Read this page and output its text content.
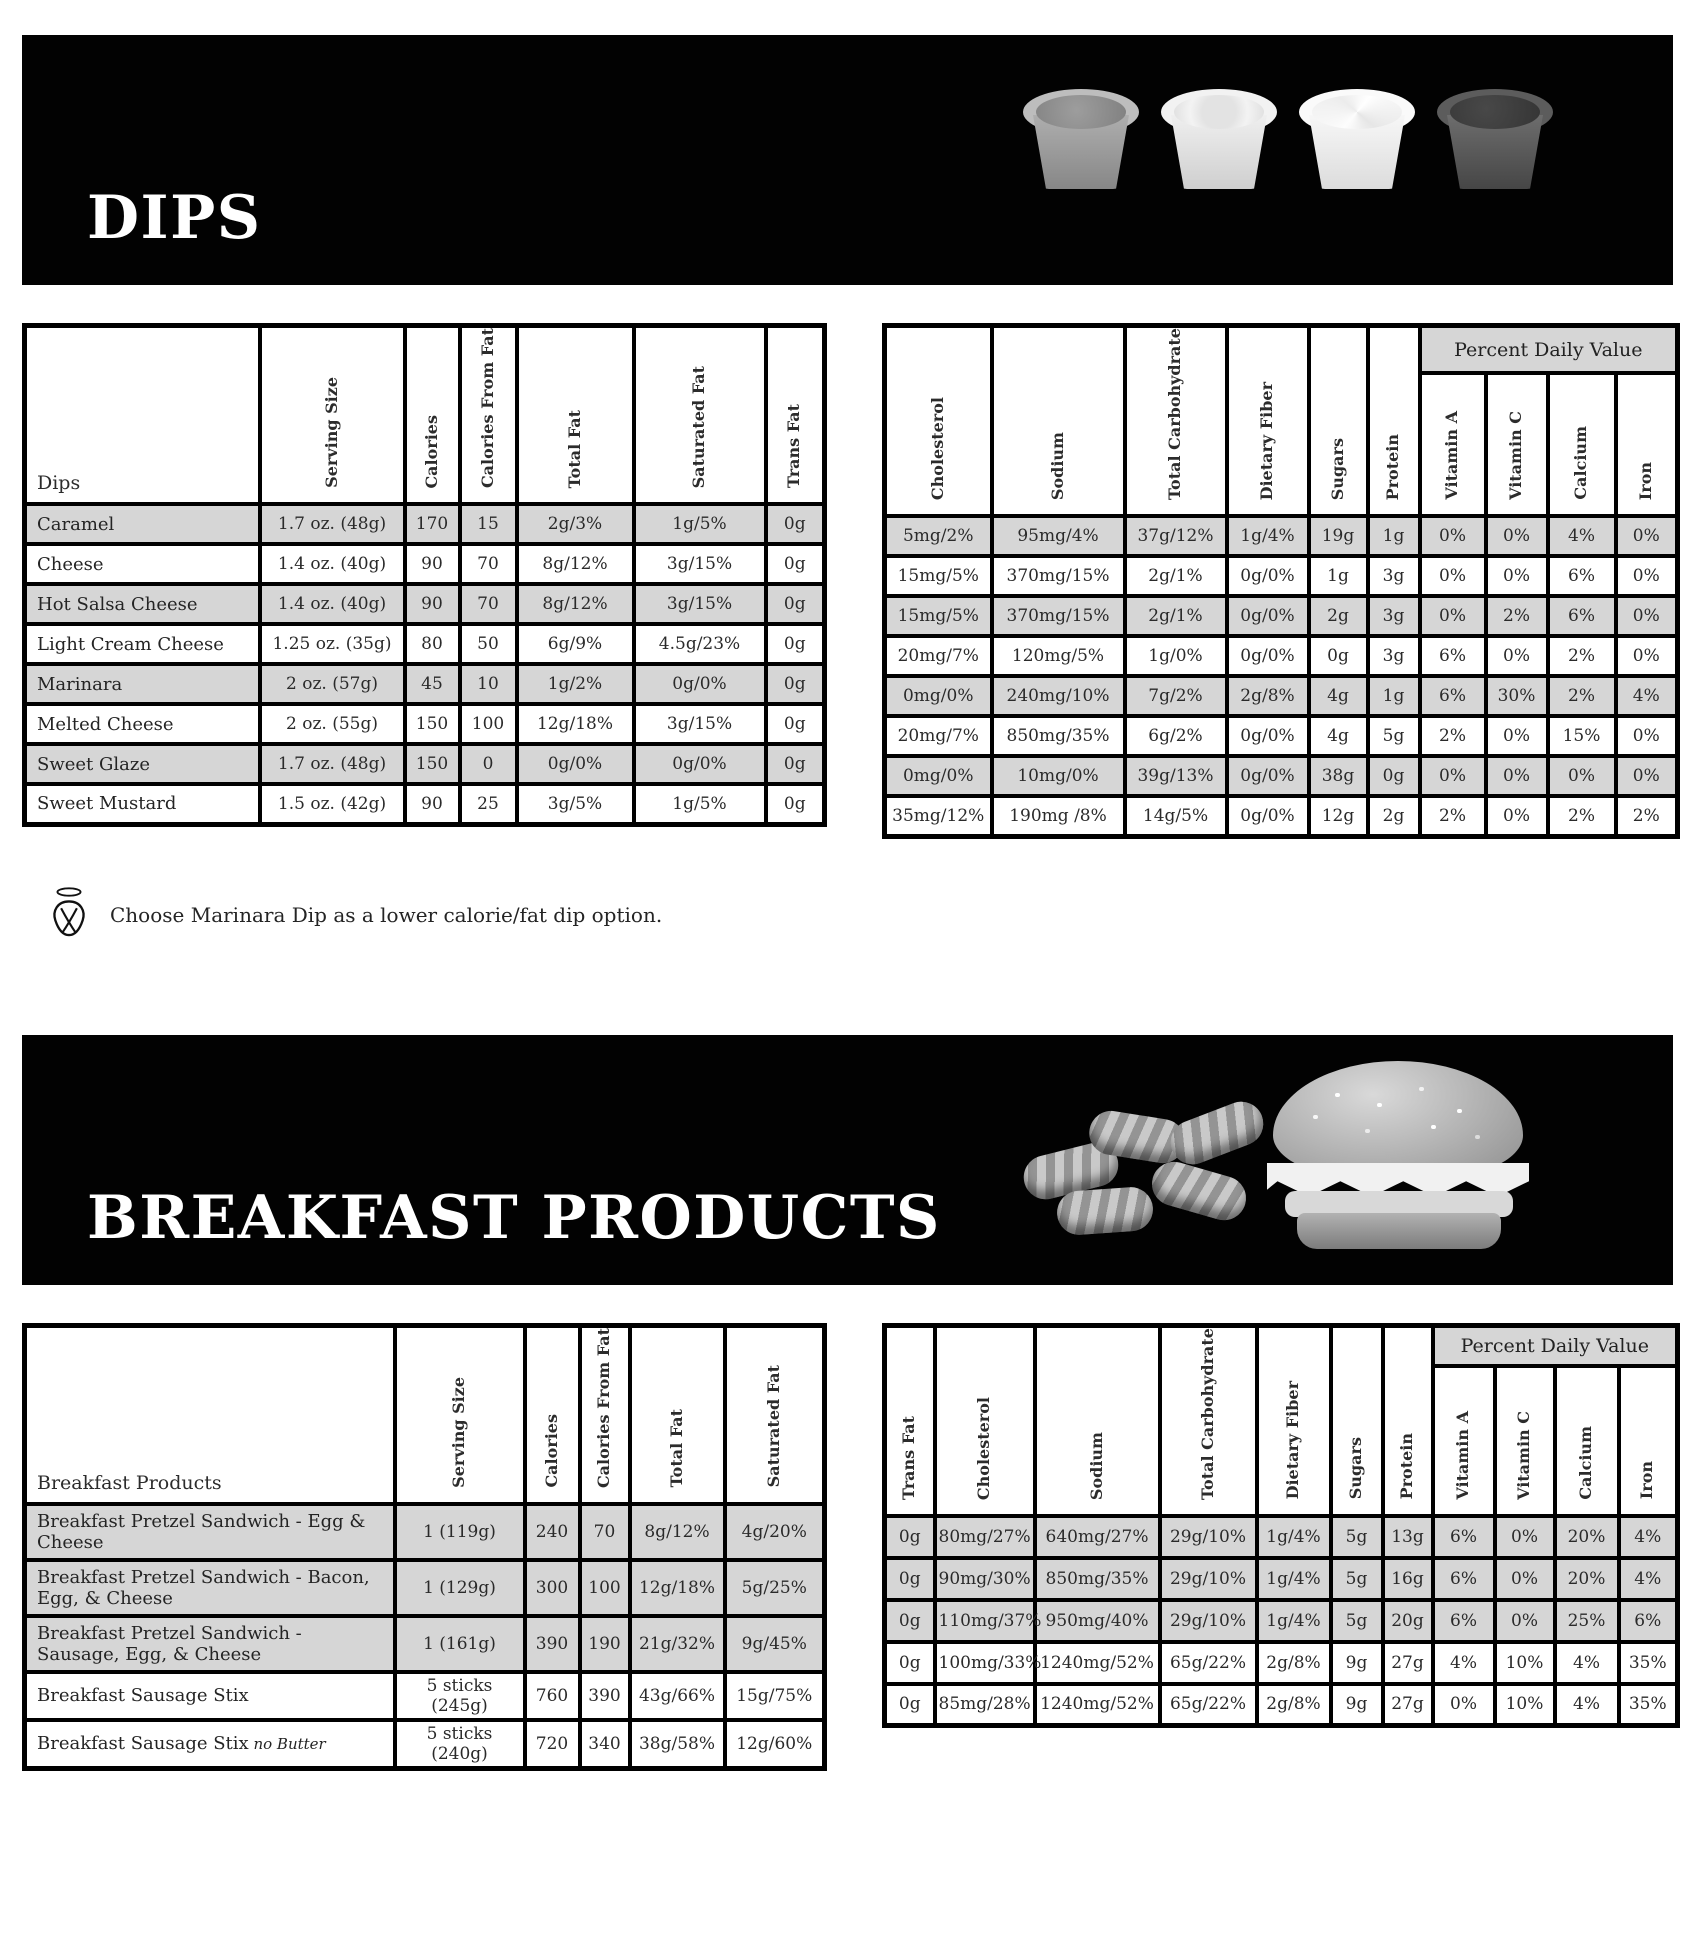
DIPS
Dips	Serving Size	Calories	Calories From Fat	Total Fat	Saturated Fat	Trans Fat
Caramel	1.7 oz. (48g)	170	15	2g/3%	1g/5%	0g
Cheese	1.4 oz. (40g)	90	70	8g/12%	3g/15%	0g
Hot Salsa Cheese	1.4 oz. (40g)	90	70	8g/12%	3g/15%	0g
Light Cream Cheese	1.25 oz. (35g)	80	50	6g/9%	4.5g/23%	0g
Marinara	2 oz. (57g)	45	10	1g/2%	0g/0%	0g
Melted Cheese	2 oz. (55g)	150	100	12g/18%	3g/15%	0g
Sweet Glaze	1.7 oz. (48g)	150	0	0g/0%	0g/0%	0g
Sweet Mustard	1.5 oz. (42g)	90	25	3g/5%	1g/5%	0g
Cholesterol	Sodium	Total Carbohydrate	Dietary Fiber	Sugars	Protein	Percent Daily Value			
						Vitamin A	Vitamin C	Calcium	Iron
5mg/2%	95mg/4%	37g/12%	1g/4%	19g	1g	0%	0%	4%	0%
15mg/5%	370mg/15%	2g/1%	0g/0%	1g	3g	0%	0%	6%	0%
15mg/5%	370mg/15%	2g/1%	0g/0%	2g	3g	0%	2%	6%	0%
20mg/7%	120mg/5%	1g/0%	0g/0%	0g	3g	6%	0%	2%	0%
0mg/0%	240mg/10%	7g/2%	2g/8%	4g	1g	6%	30%	2%	4%
20mg/7%	850mg/35%	6g/2%	0g/0%	4g	5g	2%	0%	15%	0%
0mg/0%	10mg/0%	39g/13%	0g/0%	38g	0g	0%	0%	0%	0%
35mg/12%	190mg /8%	14g/5%	0g/0%	12g	2g	2%	0%	2%	2%
Choose Marinara Dip as a lower calorie/fat dip option.
BREAKFAST PRODUCTS
Breakfast Products	Serving Size	Calories	Calories From Fat	Total Fat	Saturated Fat
Breakfast Pretzel Sandwich - Egg & Cheese	1 (119g)	240	70	8g/12%	4g/20%
Breakfast Pretzel Sandwich - Bacon, Egg, & Cheese	1 (129g)	300	100	12g/18%	5g/25%
Breakfast Pretzel Sandwich - Sausage, Egg, & Cheese	1 (161g)	390	190	21g/32%	9g/45%
Breakfast Sausage Stix	5 sticks (245g)	760	390	43g/66%	15g/75%
Breakfast Sausage Stix no Butter	5 sticks (240g)	720	340	38g/58%	12g/60%
Trans Fat	Cholesterol	Sodium	Total Carbohydrate	Dietary Fiber	Sugars	Protein	Percent Daily Value			
							Vitamin A	Vitamin C	Calcium	Iron
0g	80mg/27%	640mg/27%	29g/10%	1g/4%	5g	13g	6%	0%	20%	4%
0g	90mg/30%	850mg/35%	29g/10%	1g/4%	5g	16g	6%	0%	20%	4%
0g	110mg/37%	950mg/40%	29g/10%	1g/4%	5g	20g	6%	0%	25%	6%
0g	100mg/33%	1240mg/52%	65g/22%	2g/8%	9g	27g	4%	10%	4%	35%
0g	85mg/28%	1240mg/52%	65g/22%	2g/8%	9g	27g	0%	10%	4%	35%
